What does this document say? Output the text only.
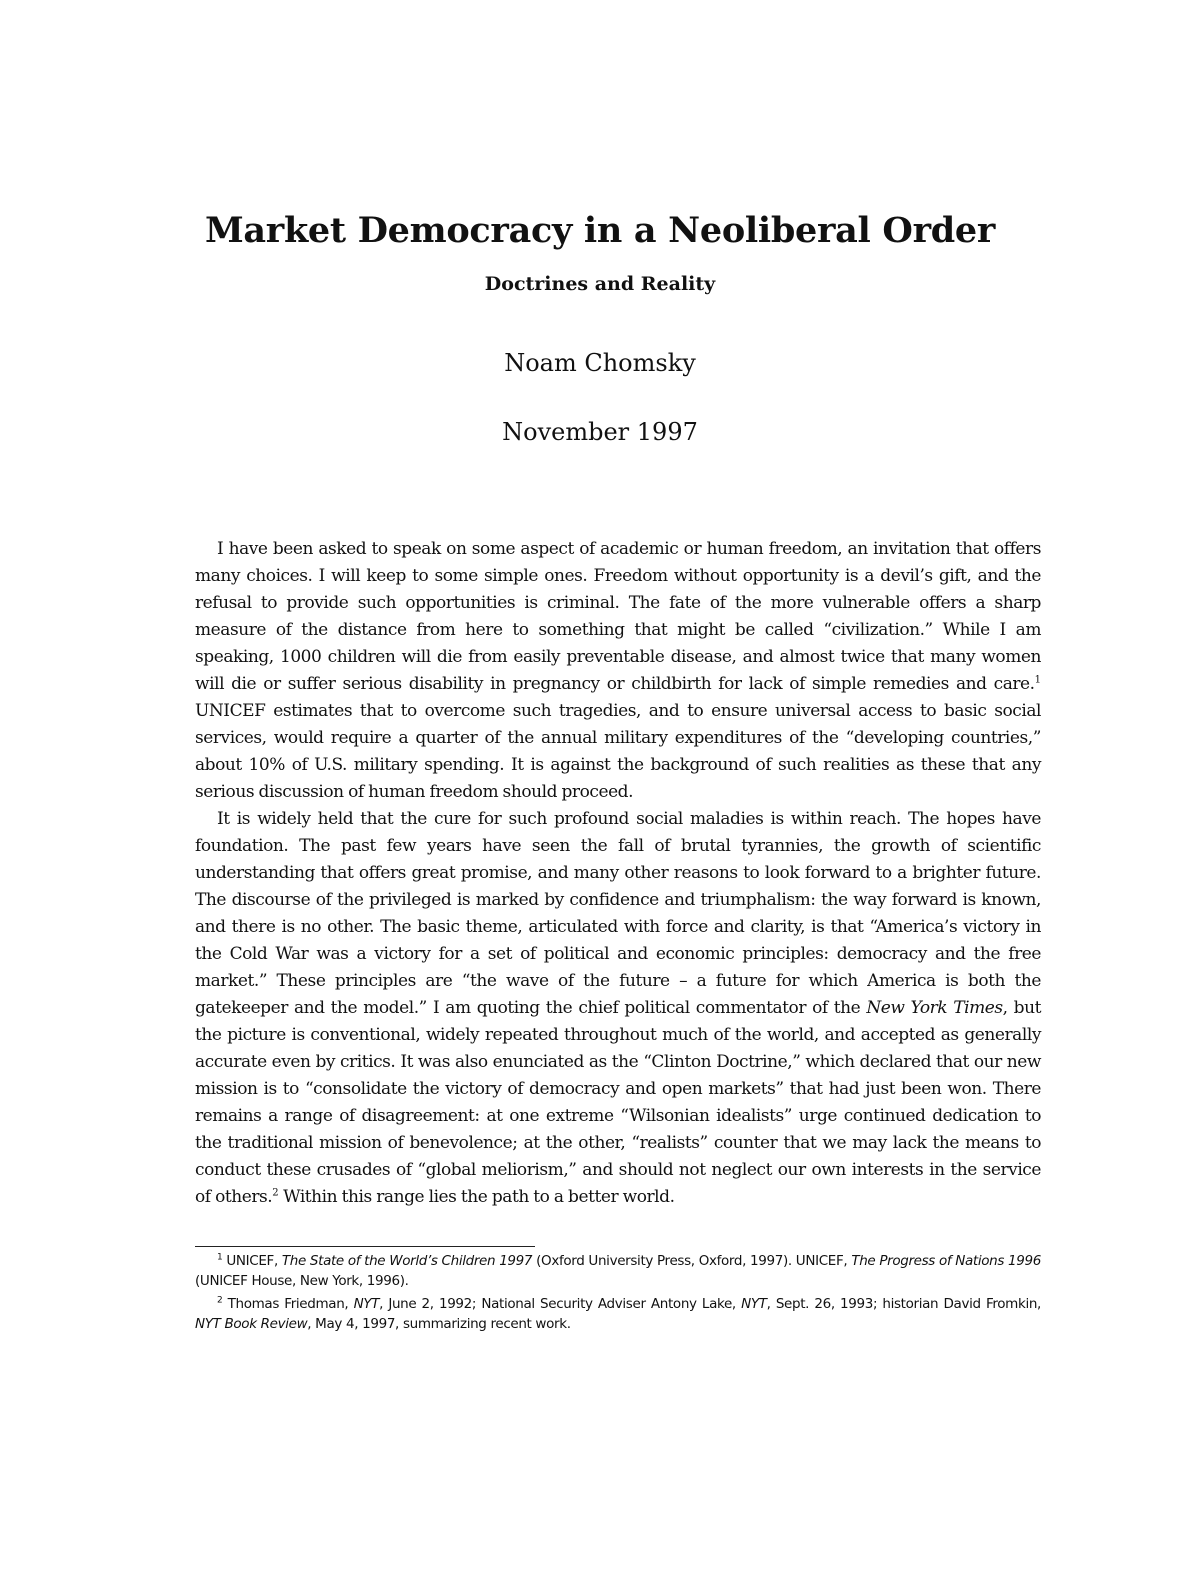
Market Democracy in a Neoliberal Order
Doctrines and Reality
Noam Chomsky
November 1997

I have been asked to speak on some aspect of academic or human freedom, an invitation that offers many choices. I will keep to some simple ones. Freedom without opportunity is a devil’s gift, and the refusal to provide such opportunities is criminal. The fate of the more vulnerable offers a sharp measure of the distance from here to something that might be called “civilization.” While I am speaking, 1000 children will die from easily preventable disease, and almost twice that many women will die or suffer serious disability in pregnancy or childbirth for lack of simple remedies and care.$^1$ UNICEF estimates that to overcome such tragedies, and to ensure universal access to basic social services, would require a quarter of the annual military expenditures of the “developing countries,” about 10% of U.S. military spending. It is against the background of such realities as these that any serious discussion of human freedom should proceed.

It is widely held that the cure for such profound social maladies is within reach. The hopes have foundation. The past few years have seen the fall of brutal tyrannies, the growth of scientific understanding that offers great promise, and many other reasons to look forward to a brighter future. The discourse of the privileged is marked by confidence and triumphalism: the way forward is known, and there is no other. The basic theme, articulated with force and clarity, is that “America’s victory in the Cold War was a victory for a set of political and economic principles: democracy and the free market.” These principles are “the wave of the future – a future for which America is both the gatekeeper and the model.” I am quoting the chief political commentator of the New York Times, but the picture is conventional, widely repeated throughout much of the world, and accepted as generally accurate even by critics. It was also enunciated as the “Clinton Doctrine,” which declared that our new mission is to “consolidate the victory of democracy and open markets” that had just been won. There remains a range of disagreement: at one extreme “Wilsonian idealists” urge continued dedication to the traditional mission of benevolence; at the other, “realists” counter that we may lack the means to conduct these crusades of “global meliorism,” and should not neglect our own interests in the service of others.$^2$ Within this range lies the path to a better world.

$^1$ UNICEF, The State of the World’s Children 1997 (Oxford University Press, Oxford, 1997). UNICEF, The Progress of Nations 1996 (UNICEF House, New York, 1996).

$^2$ Thomas Friedman, NYT, June 2, 1992; National Security Adviser Antony Lake, NYT, Sept. 26, 1993; historian David Fromkin, NYT Book Review, May 4, 1997, summarizing recent work.
